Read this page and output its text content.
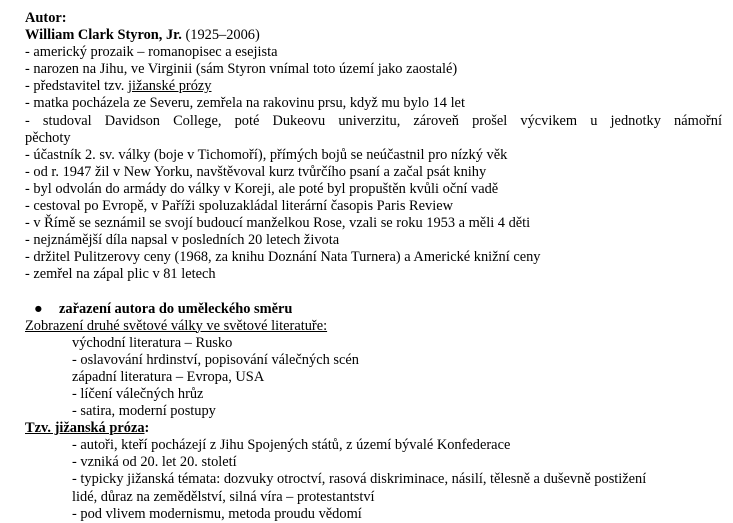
Autor:
William Clark Styron, Jr. (1925–2006)
- americký prozaik – romanopisec a esejista
- narozen na Jihu, ve Virginii (sám Styron vnímal toto území jako zaostalé)
- představitel tzv. jižanské prózy
- matka pocházela ze Severu, zemřela na rakovinu prsu, když mu bylo 14 let
- studoval Davidson College, poté Dukeovu univerzitu, zároveň prošel výcvikem u jednotky námořní
pěchoty
- účastník 2. sv. války (boje v Tichomoří), přímých bojů se neúčastnil pro nízký věk
- od r. 1947 žil v New Yorku, navštěvoval kurz tvůrčího psaní a začal psát knihy
- byl odvolán do armády do války v Koreji, ale poté byl propuštěn kvůli oční vadě
- cestoval po Evropě, v Paříži spoluzakládal literární časopis Paris Review
- v Římě se seznámil se svojí budoucí manželkou Rose, vzali se roku 1953 a měli 4 děti
- nejznámější díla napsal v posledních 20 letech života
- držitel Pulitzerovy ceny (1968, za knihu Doznání Nata Turnera) a Americké knižní ceny
- zemřel na zápal plic v 81 letech
● zařazení autora do uměleckého směru
Zobrazení druhé světové války ve světové literatuře:
východní literatura – Rusko
- oslavování hrdinství, popisování válečných scén
západní literatura – Evropa, USA
- líčení válečných hrůz
- satira, moderní postupy
Tzv. jižanská próza:
- autoři, kteří pocházejí z Jihu Spojených států, z území bývalé Konfederace
- vzniká od 20. let 20. století
- typicky jižanská témata: dozvuky otroctví, rasová diskriminace, násilí, tělesně a duševně postižení
lidé, důraz na zemědělství, silná víra – protestantství
- pod vlivem modernismu, metoda proudu vědomí
